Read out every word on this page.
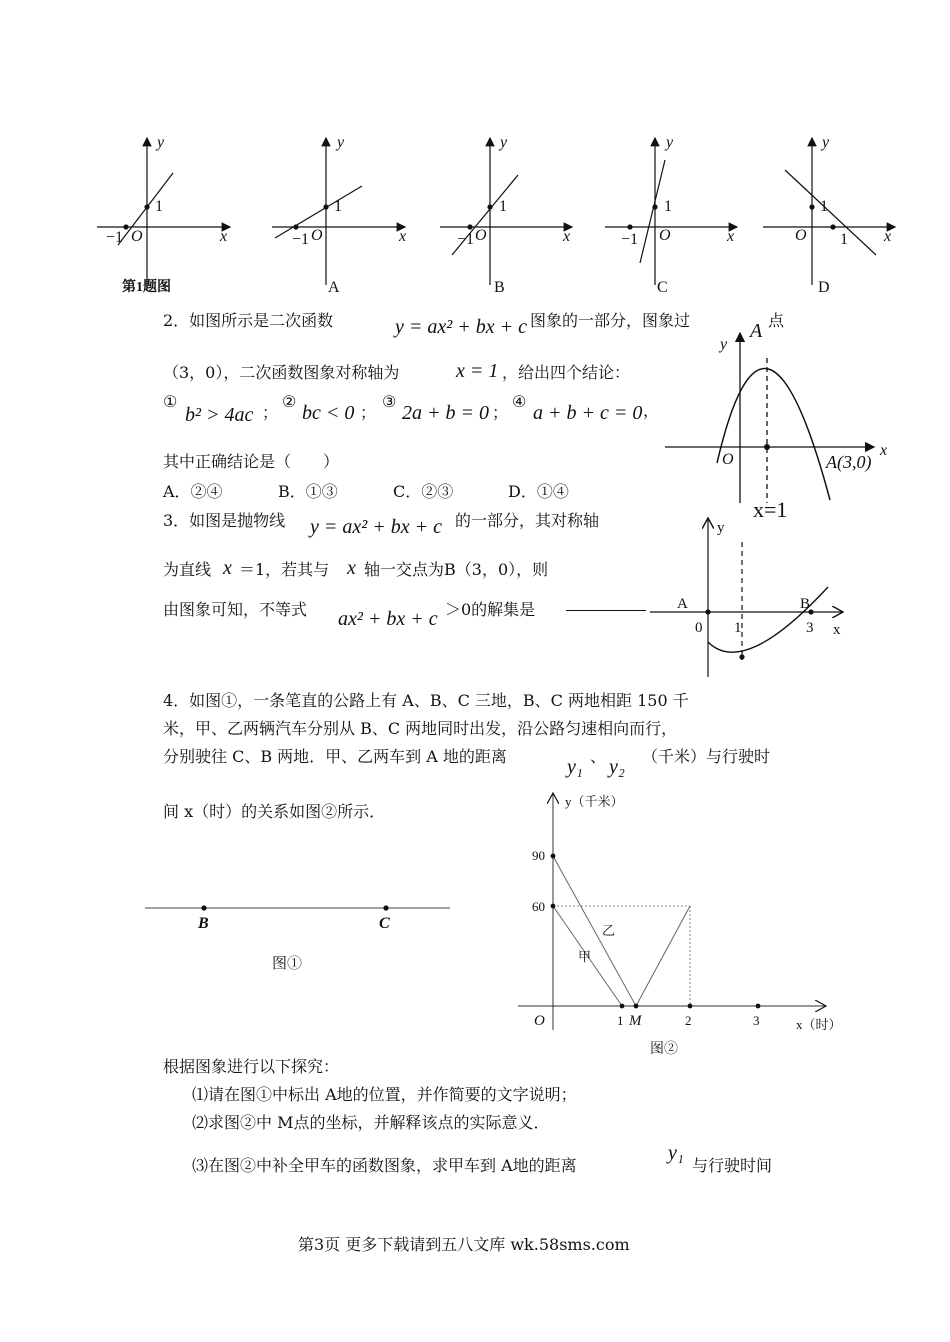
y
1
−1 O	x
y
1
−1 O	x
y
1
−1 O	x
y
1
−1 O	x
y
1
1
O	x
第1题图	A	B	C	D
2．如图所示是二次函数	y = ax² + bx + c 图象的一部分，图象过	A 点
（3，0），二次函数图象对称轴为	x = 1 ，给出四个结论：
①
b² > 4ac ；
②
bc < 0 ；
③
2a + b = 0 ；
④
a + b + c = 0 ，
其中正确结论是（　　）
A．②④	B．①③	C．②③	D．①④
y
x
O	A(3,0)
x=1
3．如图是抛物线 y = ax² + bx + c 的一部分，其对称轴
为直线 x ＝1，若其与 x 轴一交点为B（3，0），则
由图象可知，不等式 ax² + bx + c ＞0的解集是
y
x
A	B
0 1	3
4．如图①，一条笔直的公路上有 A、B、C 三地，B、C 两地相距 150 千
米，甲、乙两辆汽车分别从 B、C 两地同时出发，沿公路匀速相向而行，
分别驶往 C、B 两地．甲、乙两车到 A 地的距离	y₁ 、 y₂ （千米）与行驶时
间 x（时）的关系如图②所示．
B	C
图①
y（千米）
90
60
1	2	3
乙
甲
x（时）
图②
O	M
根据图象进行以下探究：
⑴请在图①中标出 A地的位置，并作简要的文字说明；
⑵求图②中 M点的坐标，并解释该点的实际意义．
⑶在图②中补全甲车的函数图象，求甲车到 A地的距离
y₁
与行驶时间
第3页 更多下载请到五八文库 wk.58sms.com
